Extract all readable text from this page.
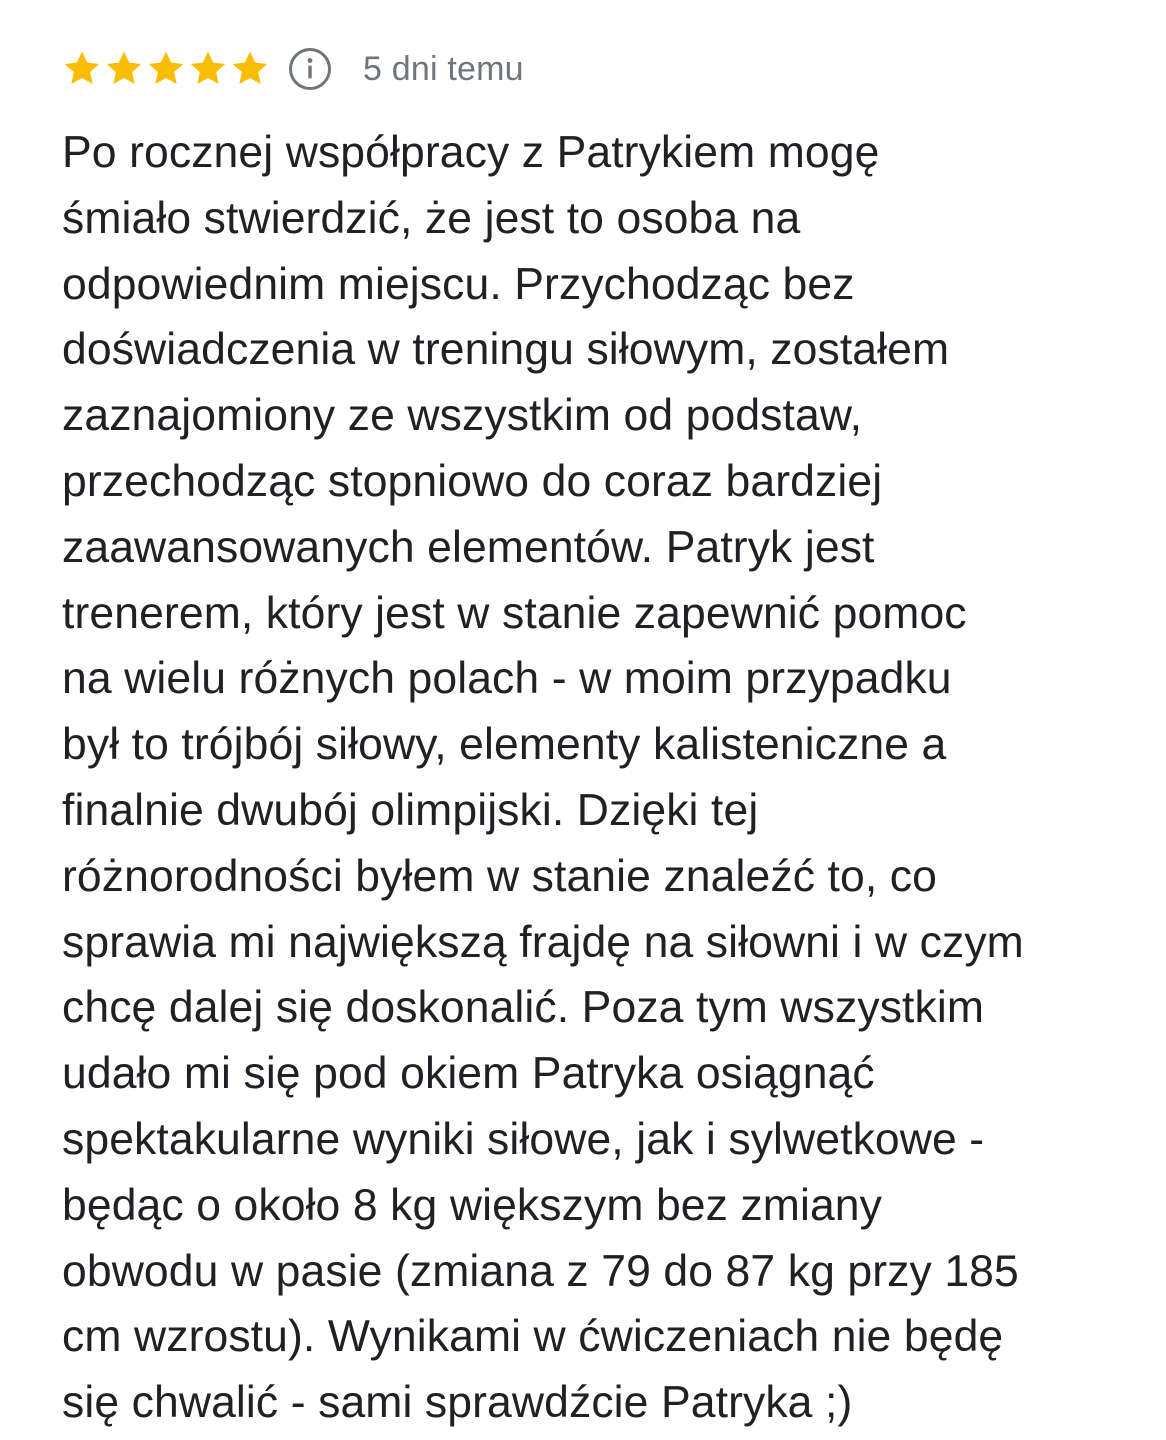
5 dni temu
Po rocznej współpracy z Patrykiem mogę
śmiało stwierdzić, że jest to osoba na
odpowiednim miejscu. Przychodząc bez
doświadczenia w treningu siłowym, zostałem
zaznajomiony ze wszystkim od podstaw,
przechodząc stopniowo do coraz bardziej
zaawansowanych elementów. Patryk jest
trenerem, który jest w stanie zapewnić pomoc
na wielu różnych polach - w moim przypadku
był to trójbój siłowy, elementy kalisteniczne a
finalnie dwubój olimpijski. Dzięki tej
różnorodności byłem w stanie znaleźć to, co
sprawia mi największą frajdę na siłowni i w czym
chcę dalej się doskonalić. Poza tym wszystkim
udało mi się pod okiem Patryka osiągnąć
spektakularne wyniki siłowe, jak i sylwetkowe -
będąc o około 8 kg większym bez zmiany
obwodu w pasie (zmiana z 79 do 87 kg przy 185
cm wzrostu). Wynikami w ćwiczeniach nie będę
się chwalić - sami sprawdźcie Patryka ;)
